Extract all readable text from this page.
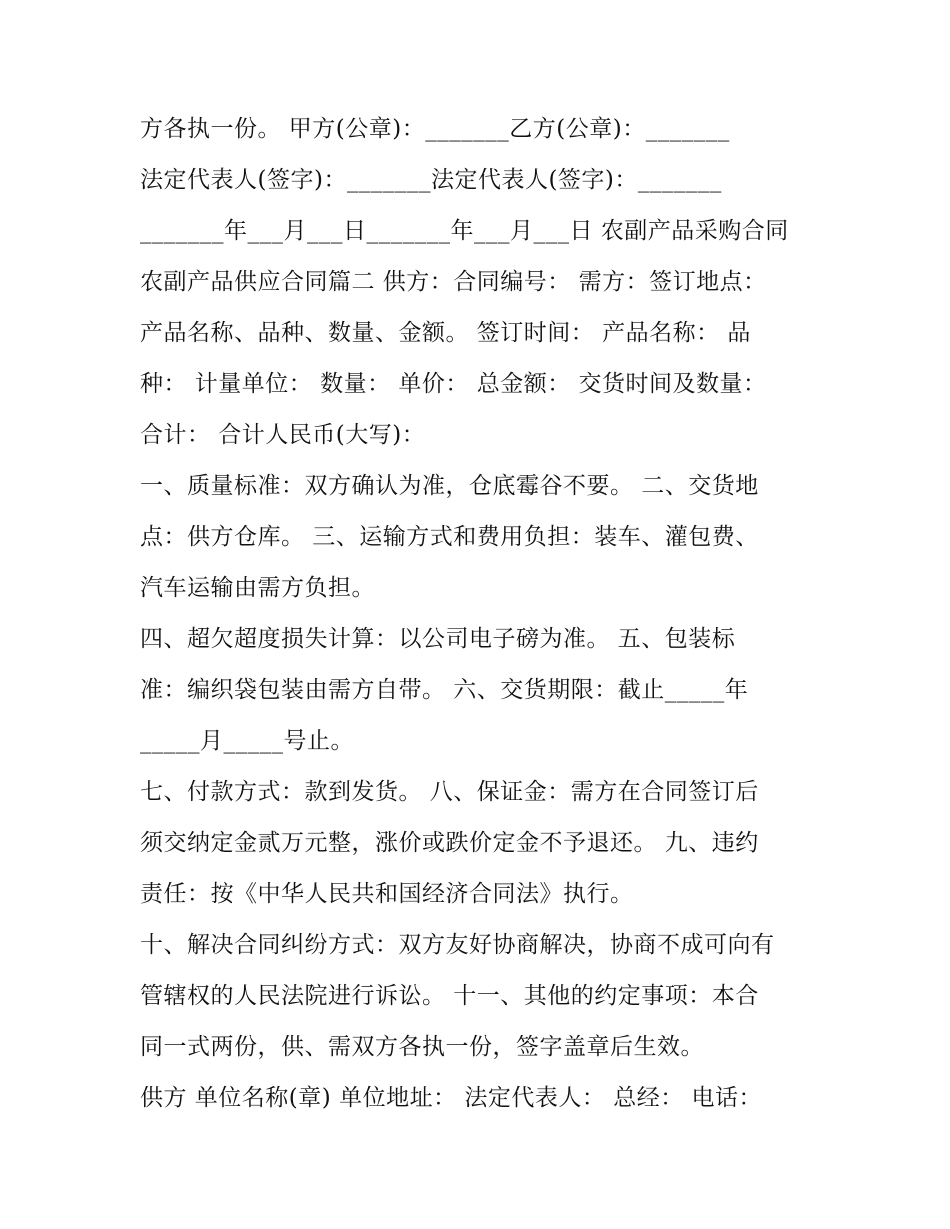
方各执一份。 甲方(公章)：_______乙方(公章)：_______
法定代表人(签字)：_______法定代表人(签字)：_______
_______年___月___日_______年___月___日 农副产品采购合同
农副产品供应合同篇二 供方：合同编号： 需方：签订地点：
产品名称、品种、数量、金额。 签订时间： 产品名称： 品
种： 计量单位： 数量： 单价： 总金额： 交货时间及数量：
合计： 合计人民币(大写)：
一、质量标准：双方确认为准，仓底霉谷不要。 二、交货地
点：供方仓库。 三、运输方式和费用负担：装车、灌包费、
汽车运输由需方负担。
四、超欠超度损失计算：以公司电子磅为准。 五、包装标
准：编织袋包装由需方自带。 六、交货期限：截止_____年
_____月_____号止。
七、付款方式：款到发货。 八、保证金：需方在合同签订后
须交纳定金贰万元整，涨价或跌价定金不予退还。 九、违约
责任：按《中华人民共和国经济合同法》执行。
十、解决合同纠纷方式：双方友好协商解决，协商不成可向有
管辖权的人民法院进行诉讼。 十一、其他的约定事项：本合
同一式两份，供、需双方各执一份，签字盖章后生效。
供方 单位名称(章) 单位地址： 法定代表人： 总经： 电话：
